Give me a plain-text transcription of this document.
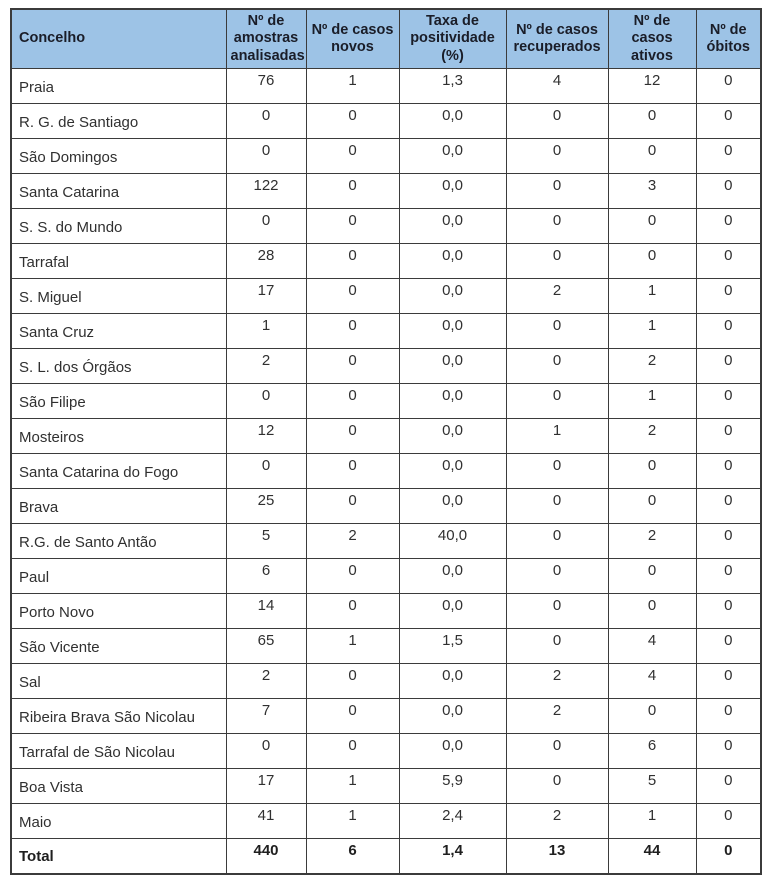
Concelho	Nº de amostras analisadas	Nº de casos novos	Taxa de positividade (%)	Nº de casos recuperados	Nº de casos ativos	Nº de óbitos
Praia	76	1	1,3	4	12	0
R. G. de Santiago	0	0	0,0	0	0	0
São Domingos	0	0	0,0	0	0	0
Santa Catarina	122	0	0,0	0	3	0
S. S. do Mundo	0	0	0,0	0	0	0
Tarrafal	28	0	0,0	0	0	0
S. Miguel	17	0	0,0	2	1	0
Santa Cruz	1	0	0,0	0	1	0
S. L. dos Órgãos	2	0	0,0	0	2	0
São Filipe	0	0	0,0	0	1	0
Mosteiros	12	0	0,0	1	2	0
Santa Catarina do Fogo	0	0	0,0	0	0	0
Brava	25	0	0,0	0	0	0
R.G. de Santo Antão	5	2	40,0	0	2	0
Paul	6	0	0,0	0	0	0
Porto Novo	14	0	0,0	0	0	0
São Vicente	65	1	1,5	0	4	0
Sal	2	0	0,0	2	4	0
Ribeira Brava São Nicolau	7	0	0,0	2	0	0
Tarrafal de São Nicolau	0	0	0,0	0	6	0
Boa Vista	17	1	5,9	0	5	0
Maio	41	1	2,4	2	1	0
Total	440	6	1,4	13	44	0
